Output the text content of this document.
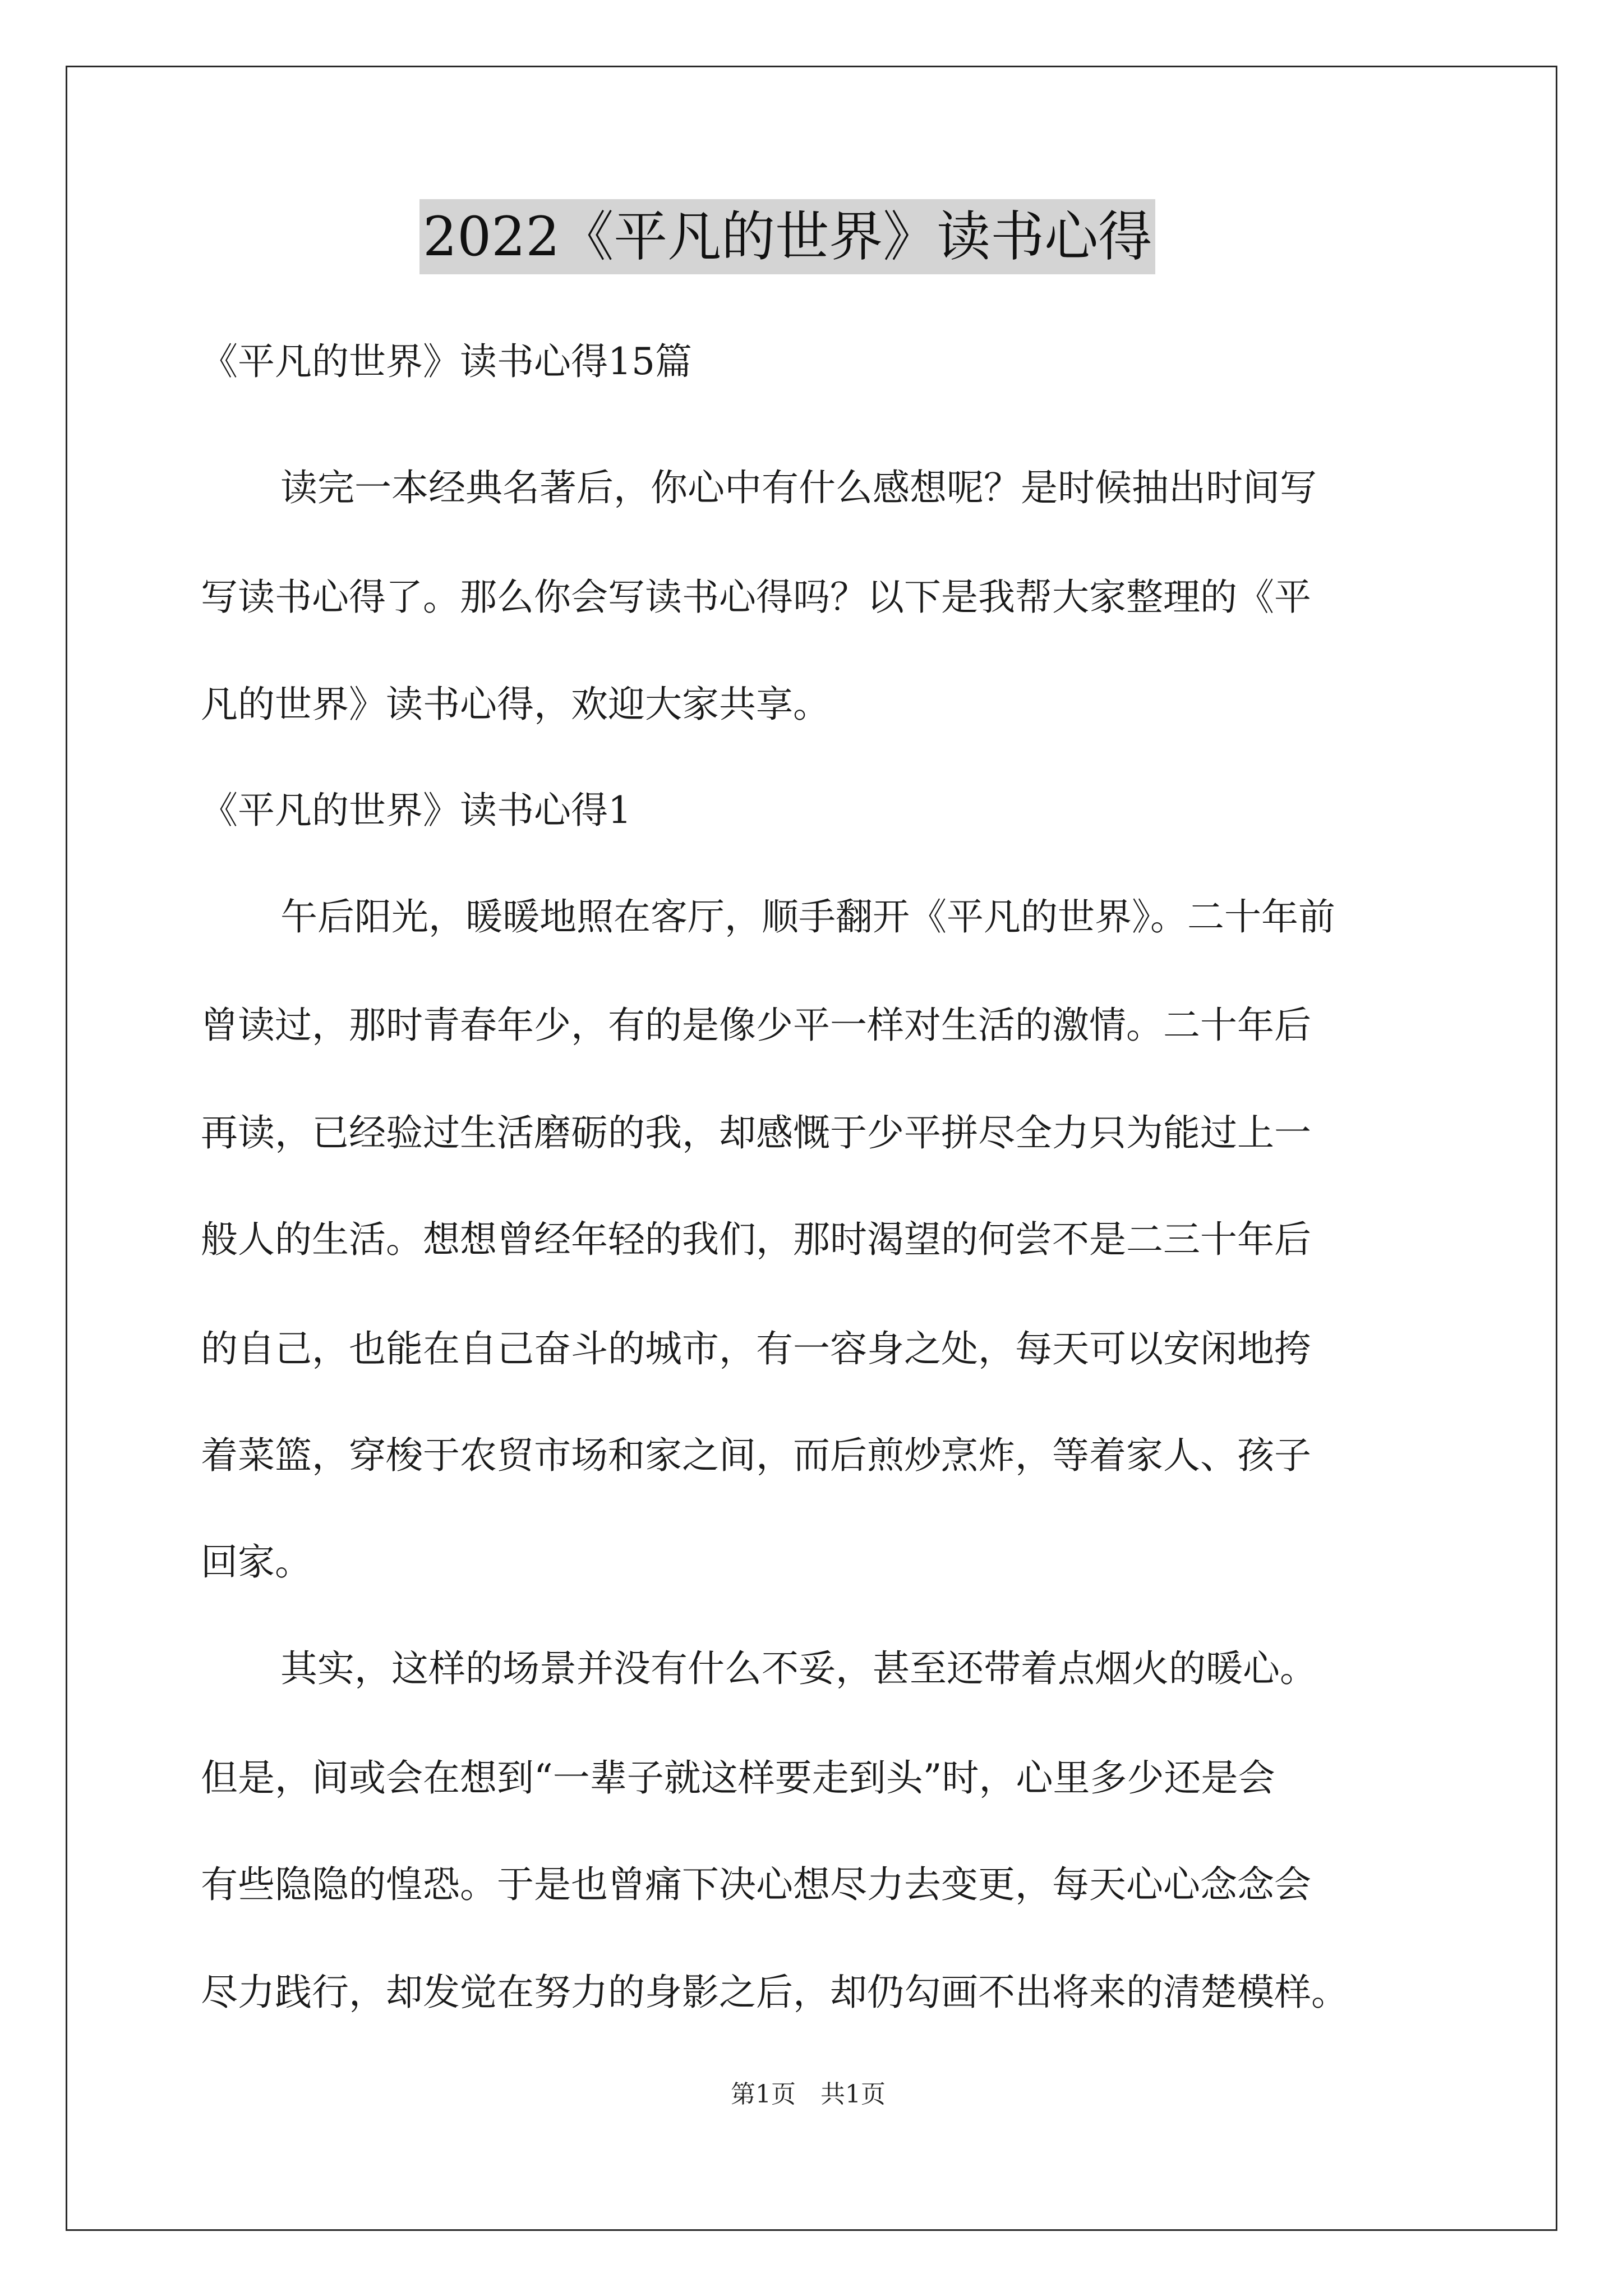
2022《平凡的世界》读书心得
《平凡的世界》读书心得15篇
读完一本经典名著后，你心中有什么感想呢？是时候抽出时间写
写读书心得了。那么你会写读书心得吗？以下是我帮大家整理的《平
凡的世界》读书心得，欢迎大家共享。
《平凡的世界》读书心得1
午后阳光，暖暖地照在客厅，顺手翻开《平凡的世界》。二十年前
曾读过，那时青春年少，有的是像少平一样对生活的激情。二十年后
再读，已经验过生活磨砺的我，却感慨于少平拼尽全力只为能过上一
般人的生活。想想曾经年轻的我们，那时渴望的何尝不是二三十年后
的自己，也能在自己奋斗的城市，有一容身之处，每天可以安闲地挎
着菜篮，穿梭于农贸市场和家之间，而后煎炒烹炸，等着家人、孩子
回家。
其实，这样的场景并没有什么不妥，甚至还带着点烟火的暖心。
但是，间或会在想到“一辈子就这样要走到头”时，心里多少还是会
有些隐隐的惶恐。于是也曾痛下决心想尽力去变更，每天心心念念会
尽力践行，却发觉在努力的身影之后，却仍勾画不出将来的清楚模样。
第1页 共1页
